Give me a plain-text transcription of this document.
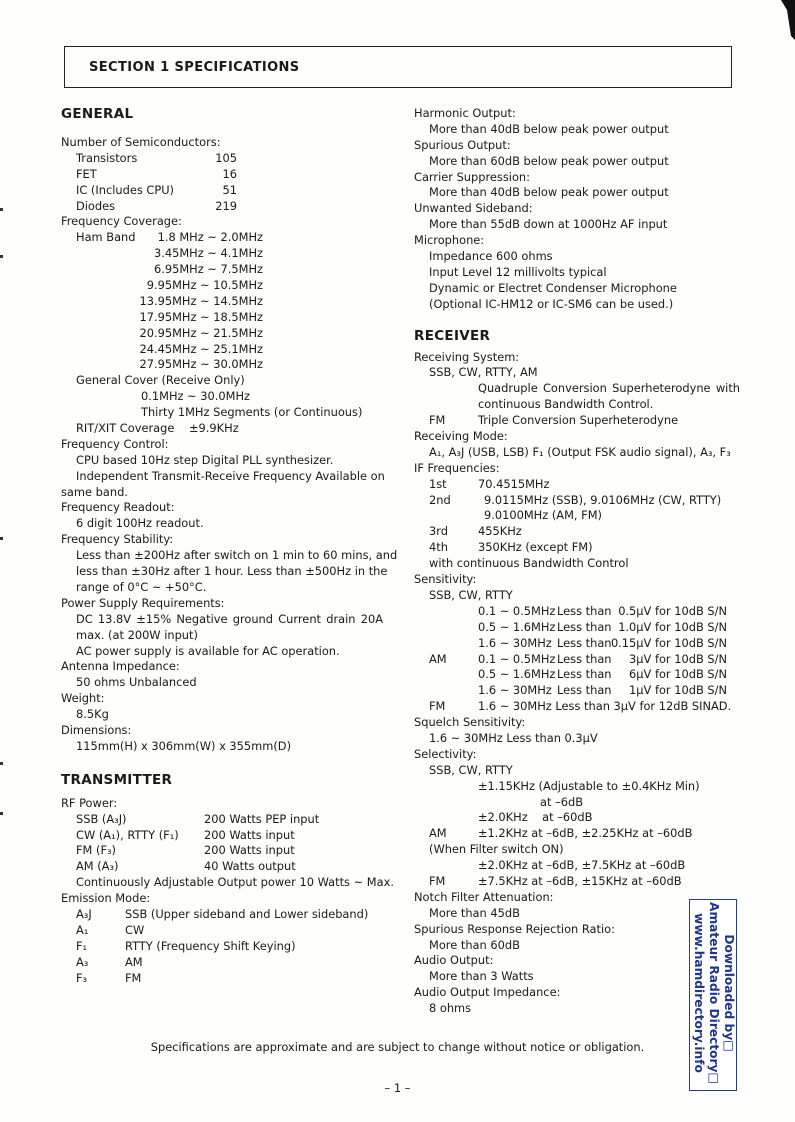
SECTION 1 SPECIFICATIONS
GENERAL
Number of Semiconductors:
Transistors	105
FET	16
IC (Includes CPU)	51
Diodes	219
Frequency Coverage:
Ham Band	1.8 MHz ~ 2.0MHz
3.45MHz ~ 4.1MHz
6.95MHz ~ 7.5MHz
9.95MHz ~ 10.5MHz
13.95MHz ~ 14.5MHz
17.95MHz ~ 18.5MHz
20.95MHz ~ 21.5MHz
24.45MHz ~ 25.1MHz
27.95MHz ~ 30.0MHz
General Cover (Receive Only)
0.1MHz ~ 30.0MHz
Thirty 1MHz Segments (or Continuous)
RIT/XIT Coverage ±9.9KHz
Frequency Control:
CPU based 10Hz step Digital PLL synthesizer.
Independent Transmit-Receive Frequency Available on
same band.
Frequency Readout:
6 digit 100Hz readout.
Frequency Stability:
Less than ±200Hz after switch on 1 min to 60 mins, and
less than ±30Hz after 1 hour. Less than ±500Hz in the
range of 0°C ~ +50°C.
Power Supply Requirements:
DC 13.8V ±15% Negative ground Current drain 20A
max. (at 200W input)
AC power supply is available for AC operation.
Antenna Impedance:
50 ohms Unbalanced
Weight:
8.5Kg
Dimensions:
115mm(H) x 306mm(W) x 355mm(D)
TRANSMITTER
RF Power:
SSB (A₃J)	200 Watts PEP input
CW (A₁), RTTY (F₁) 200 Watts input
FM (F₃)	200 Watts input
AM (A₃)	40 Watts output
Continuously Adjustable Output power 10 Watts ~ Max.
Emission Mode:
A₃J	SSB (Upper sideband and Lower sideband)
A₁	CW
F₁	RTTY (Frequency Shift Keying)
A₃	AM
F₃	FM
Harmonic Output:
More than 40dB below peak power output
Spurious Output:
More than 60dB below peak power output
Carrier Suppression:
More than 40dB below peak power output
Unwanted Sideband:
More than 55dB down at 1000Hz AF input
Microphone:
Impedance 600 ohms
Input Level 12 millivolts typical
Dynamic or Electret Condenser Microphone
(Optional IC-HM12 or IC-SM6 can be used.)
RECEIVER
Receiving System:
SSB, CW, RTTY, AM
Quadruple Conversion Superheterodyne with
continuous Bandwidth Control.
FM	Triple Conversion Superheterodyne
Receiving Mode:
A₁, A₃J (USB, LSB) F₁ (Output FSK audio signal), A₃, F₃
IF Frequencies:
1st	70.4515MHz
2nd	9.0115MHz (SSB), 9.0106MHz (CW, RTTY)
9.0100MHz (AM, FM)
3rd	455KHz
4th	350KHz (except FM)
with continuous Bandwidth Control
Sensitivity:
SSB, CW, RTTY
0.1 ~ 0.5MHz Less than 0.5μV for 10dB S/N
0.5 ~ 1.6MHz Less than 1.0μV for 10dB S/N
1.6 ~ 30MHz Less than 0.15μV for 10dB S/N
AM	0.1 ~ 0.5MHz Less than	3μV for 10dB S/N
0.5 ~ 1.6MHz Less than	6μV for 10dB S/N
1.6 ~ 30MHz Less than	1μV for 10dB S/N
FM	1.6 ~ 30MHz Less than 3μV for 12dB SINAD.
Squelch Sensitivity:
1.6 ~ 30MHz Less than 0.3μV
Selectivity:
SSB, CW, RTTY
±1.15KHz (Adjustable to ±0.4KHz Min)
at –6dB
±2.0KHz    at –60dB
AM	±1.2KHz at –6dB, ±2.25KHz at –60dB
(When Filter switch ON)
±2.0KHz at –6dB, ±7.5KHz at –60dB
FM	±7.5KHz at –6dB, ±15KHz at –60dB
Notch Filter Attenuation:
More than 45dB
Spurious Response Rejection Ratio:
More than 60dB
Audio Output:
More than 3 Watts
Audio Output Impedance:
8 ohms
Specifications are approximate and are subject to change without notice or obligation.
– 1 –
Downloaded by□
Amateur Radio Directory□
www.hamdirectory.info
